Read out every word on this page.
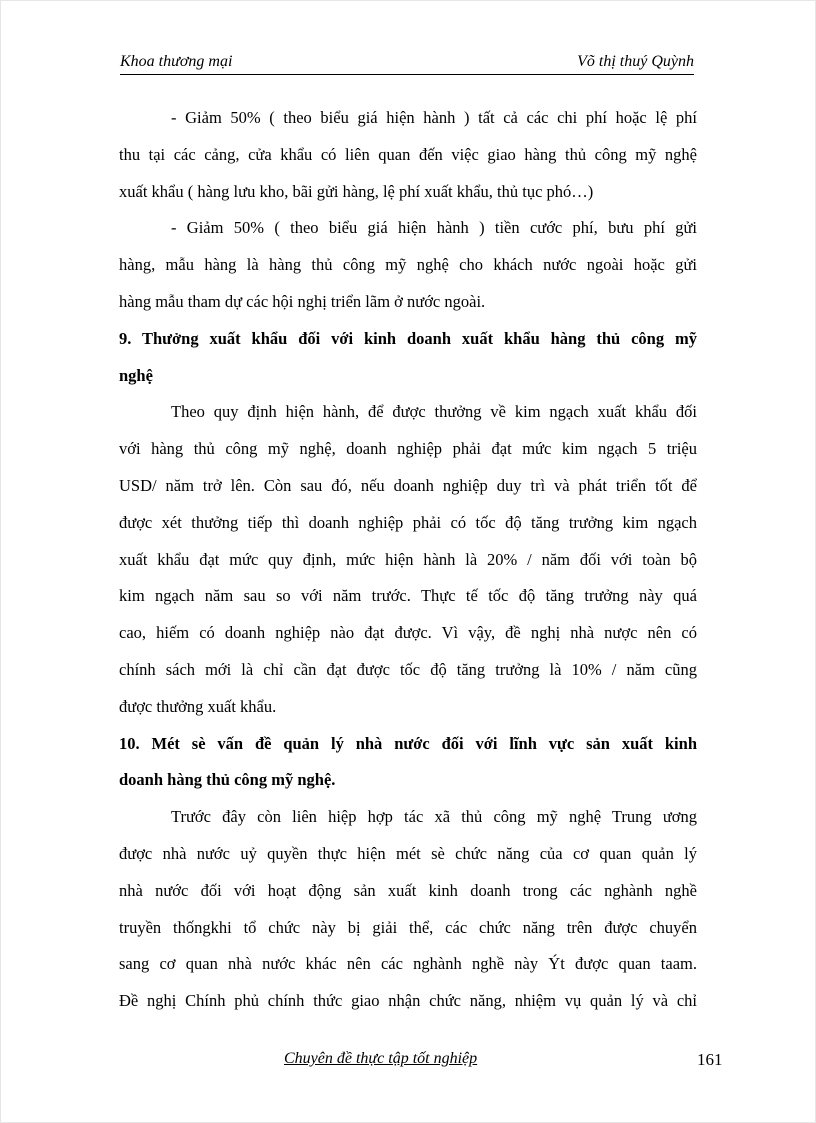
Khoa thương mại	Võ thị thuý Quỳnh
- Giảm 50% ( theo biểu giá hiện hành ) tất cả các chi phí hoặc lệ phí
thu tại các cảng, cửa khẩu có liên quan đến việc giao hàng thủ công mỹ nghệ
xuất khẩu ( hàng lưu kho, bãi gửi hàng, lệ phí xuất khẩu, thủ tục phó…)
- Giảm 50% ( theo biểu giá hiện hành ) tiền cước phí, bưu phí gửi
hàng, mẫu hàng là hàng thủ công mỹ nghệ cho khách nước ngoài hoặc gửi
hàng mẫu tham dự các hội nghị triển lãm ở nước ngoài.
9. Thưởng xuất khẩu đối với kinh doanh xuất khẩu hàng thủ công mỹ
nghệ
Theo quy định hiện hành, để được thưởng về kim ngạch xuất khẩu đối
với hàng thủ công mỹ nghệ, doanh nghiệp phải đạt mức kim ngạch 5 triệu
USD/ năm trở lên. Còn sau đó, nếu doanh nghiệp duy trì và phát triển tốt để
được xét thưởng tiếp thì doanh nghiệp phải có tốc độ tăng trưởng kim ngạch
xuất khẩu đạt mức quy định, mức hiện hành là 20% / năm đối với toàn bộ
kim ngạch năm sau so với năm trước. Thực tế tốc độ tăng trưởng này quá
cao, hiếm có doanh nghiệp nào đạt được. Vì vậy, đề nghị nhà nược nên có
chính sách mới là chỉ cần đạt được tốc độ tăng trưởng là 10% / năm cũng
được thưởng xuất khẩu.
10. Mét sè vấn đề quản lý nhà nước đối với lĩnh vực sản xuất kinh
doanh hàng thủ công mỹ nghệ.
Trước đây còn liên hiệp hợp tác xã thủ công mỹ nghệ Trung ương
được nhà nước uỷ quyền thực hiện mét sè chức năng của cơ quan quản lý
nhà nước đối với hoạt động sản xuất kinh doanh trong các nghành nghề
truyền thốngkhi tổ chức này bị giải thể, các chức năng trên được chuyển
sang cơ quan nhà nước khác nên các nghành nghề này Ýt được quan taam.
Đề nghị Chính phủ chính thức giao nhận chức năng, nhiệm vụ quản lý và chỉ
Chuyên đề thực tập tốt nghiệp	161
